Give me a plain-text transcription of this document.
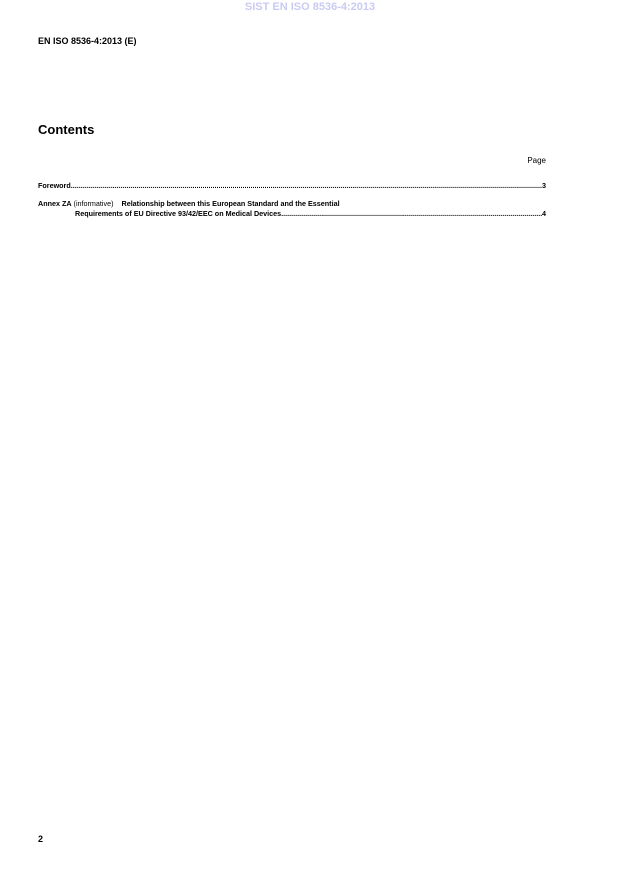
SIST EN ISO 8536-4:2013
EN ISO 8536-4:2013 (E)
Contents
Page
Foreword .....	3
Annex ZA
(informative)
Relationship between this European Standard and the Essential
Requirements of EU Directive 93/42/EEC on Medical Devices .....	4
2
